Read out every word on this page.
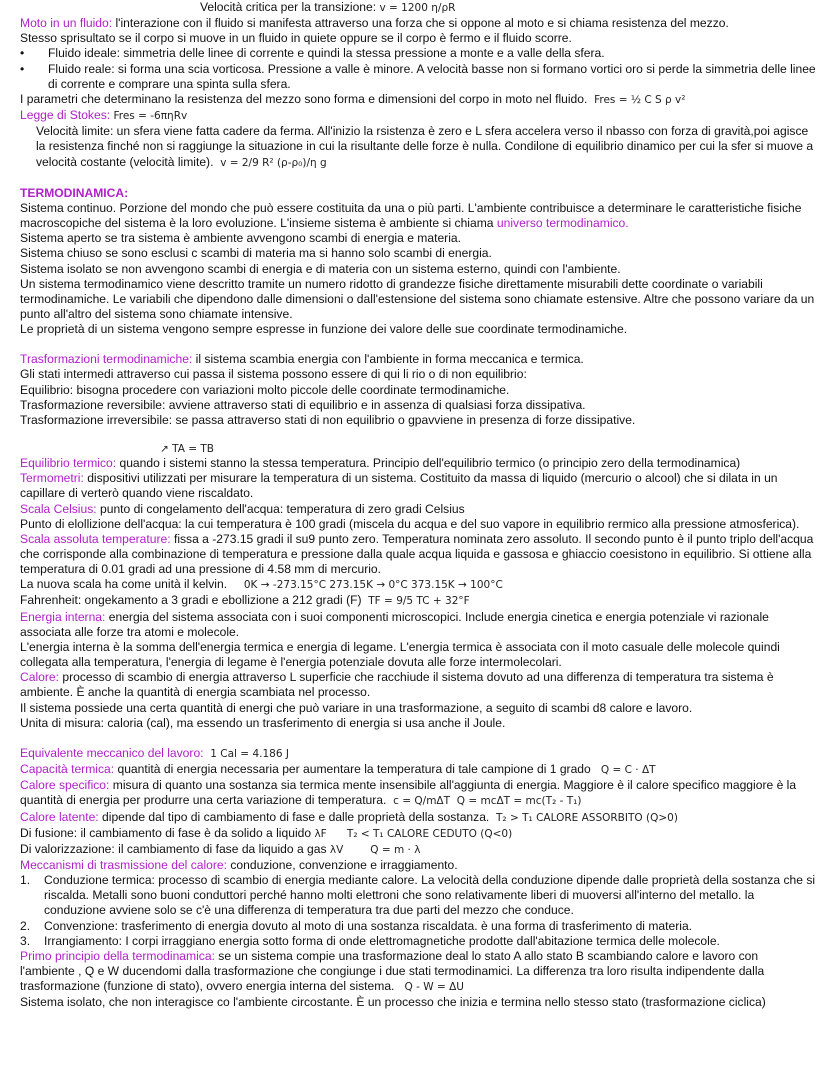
Velocità critica per la transizione: v = 1200 η/ρR

Moto in un fluido: l'interazione con il fluido si manifesta attraverso una forza che si oppone al moto e si chiama resistenza del mezzo.

Stesso sprisultato se il corpo si muove in un fluido in quiete oppure se il corpo è fermo e il fluido scorre.

• Fluido ideale: simmetria delle linee di corrente e quindi la stessa pressione a monte e a valle della sfera.

• Fluido reale: si forma una scia vorticosa. Pressione a valle è minore. A velocità basse non si formano vortici oro si perde la simmetria delle linee di corrente e comprare una spinta sulla sfera.

I parametri che determinano la resistenza del mezzo sono forma e dimensioni del corpo in moto nel fluido. Fres = ½ C S ρ v²

Legge di Stokes: Fres = -6πηRv

Velocità limite: un sfera viene fatta cadere da ferma. All'inizio la rsistenza è zero e L sfera accelera verso il nbasso con forza di gravità,poi agisce la resistenza finché non si raggiunge la situazione in cui la risultante delle forze è nulla. Condilone di equilibrio dinamico per cui la sfer si muove a velocità costante (velocità limite). v = 2/9 R² (ρ-ρ₀)/η g

TERMODINAMICA:

Sistema continuo. Porzione del mondo che può essere costituita da una o più parti. L'ambiente contribuisce a determinare le caratteristiche fisiche macroscopiche del sistema è la loro evoluzione. L'insieme sistema è ambiente si chiama universo termodinamico.

Sistema aperto se tra sistema è ambiente avvengono scambi di energia e materia.

Sistema chiuso se sono esclusi c scambi di materia ma si hanno solo scambi di energia.

Sistema isolato se non avvengono scambi di energia e di materia con un sistema esterno, quindi con l'ambiente.

Un sistema termodinamico viene descritto tramite un numero ridotto di grandezze fisiche direttamente misurabili dette coordinate o variabili termodinamiche. Le variabili che dipendono dalle dimensioni o dall'estensione del sistema sono chiamate estensive. Altre che possono variare da un punto all'altro del sistema sono chiamate intensive.

Le proprietà di un sistema vengono sempre espresse in funzione dei valore delle sue coordinate termodinamiche.

Trasformazioni termodinamiche: il sistema scambia energia con l'ambiente in forma meccanica e termica.

Gli stati intermedi attraverso cui passa il sistema possono essere di qui li rio o di non equilibrio:

Equilibrio: bisogna procedere con variazioni molto piccole delle coordinate termodinamiche.

Trasformazione reversibile: avviene attraverso stati di equilibrio e in assenza di qualsiasi forza dissipativa.

Trasformazione irreversibile: se passa attraverso stati di non equilibrio o gpavviene in presenza di forze dissipative.

↗ TA = TB

Equilibrio termico: quando i sistemi stanno la stessa temperatura. Principio dell'equilibrio termico (o principio zero della termodinamica)

Termometri: dispositivi utilizzati per misurare la temperatura di un sistema. Costituito da massa di liquido (mercurio o alcool) che si dilata in un capillare di verterò quando viene riscaldato.

Scala Celsius: punto di congelamento dell'acqua: temperatura di zero gradi Celsius

Punto di elollizione dell'acqua: la cui temperatura è 100 gradi (miscela du acqua e del suo vapore in equilibrio rermico alla pressione atmosferica).

Scala assoluta temperature: fissa a -273.15 gradi il su9 punto zero. Temperatura nominata zero assoluto. Il secondo punto è il punto triplo dell'acqua che corrisponde alla combinazione di temperatura e pressione dalla quale acqua liquida e gassosa e ghiaccio coesistono in equilibrio. Si ottiene alla temperatura di 0.01 gradi ad una pressione di 4.58 mm di mercurio.

La nuova scala ha come unità il kelvin. 0K → -273.15°C 273.15K → 0°C 373.15K → 100°C

Fahrenheit: ongekamento a 3 gradi e ebollizione a 212 gradi (F) TF = 9/5 TC + 32°F

Energia interna: energia del sistema associata con i suoi componenti microscopici. Include energia cinetica e energia potenziale vi razionale associata alle forze tra atomi e molecole.

L'energia interna è la somma dell'energia termica e energia di legame. L'energia termica è associata con il moto casuale delle molecole quindi collegata alla temperatura, l'energia di legame è l'energia potenziale dovuta alle forze intermolecolari.

Calore: processo di scambio di energia attraverso L superficie che racchiude il sistema dovuto ad una differenza di temperatura tra sistema è ambiente. È anche la quantità di energia scambiata nel processo.

Il sistema possiede una certa quantità di energi che può variare in una trasformazione, a seguito di scambi d8 calore e lavoro.

Unita di misura: caloria (cal), ma essendo un trasferimento di energia si usa anche il Joule.

Equivalente meccanico del lavoro: 1 Cal = 4.186 J

Capacità termica: quantità di energia necessaria per aumentare la temperatura di tale campione di 1 grado Q = C · ΔT

Calore specifico: misura di quanto una sostanza sia termica mente insensibile all'aggiunta di energia. Maggiore è il calore specifico maggiore è la quantità di energia per produrre una certa variazione di temperatura. c = Q/mΔT Q = mcΔT = mc(T₂ - T₁)

Calore latente: dipende dal tipo di cambiamento di fase e dalle proprietà della sostanza. T₂ > T₁ CALORE ASSORBITO (Q>0)

Di fusione: il cambiamento di fase è da solido a liquido λF T₂ < T₁ CALORE CEDUTO (Q<0)

Di valorizzazione: il cambiamento di fase da liquido a gas λV	Q = m · λ

Meccanismi di trasmissione del calore: conduzione, convenzione e irraggiamento.

1. Conduzione termica: processo di scambio di energia mediante calore. La velocità della conduzione dipende dalle proprietà della sostanza che si riscalda. Metalli sono buoni conduttori perché hanno molti elettroni che sono relativamente liberi di muoversi all'interno del metallo. la conduzione avviene solo se c'è una differenza di temperatura tra due parti del mezzo che conduce.

2. Convenzione: trasferimento di energia dovuto al moto di una sostanza riscaldata. è una forma di trasferimento di materia.

3. Irrangiamento: I corpi irraggiano energia sotto forma di onde elettromagnetiche prodotte dall'abitazione termica delle molecole.

Primo principio della termodinamica: se un sistema compie una trasformazione deal lo stato A allo stato B scambiando calore e lavoro con l'ambiente , Q e W ducendomi dalla trasformazione che congiunge i due stati termodinamici. La differenza tra loro risulta indipendente dalla trasformazione (funzione di stato), ovvero energia interna del sistema. Q - W = ΔU

Sistema isolato, che non interagisce co l'ambiente circostante. È un processo che inizia e termina nello stesso stato (trasformazione ciclica)
